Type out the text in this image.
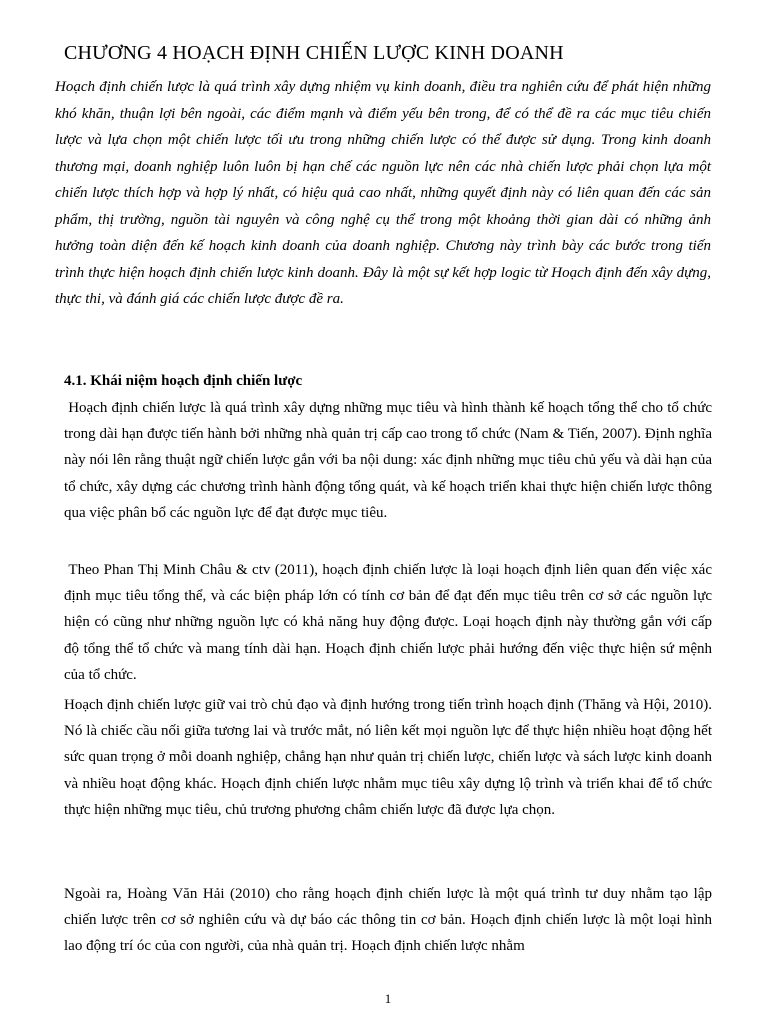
CHƯƠNG 4 HOẠCH ĐỊNH CHIẾN LƯỢC KINH DOANH

Hoạch định chiến lược là quá trình xây dựng nhiệm vụ kinh doanh, điều tra nghiên cứu để phát hiện những khó khăn, thuận lợi bên ngoài, các điểm mạnh và điểm yếu bên trong, để có thể đề ra các mục tiêu chiến lược và lựa chọn một chiến lược tối ưu trong những chiến lược có thể được sử dụng. Trong kinh doanh thương mại, doanh nghiệp luôn luôn bị hạn chế các nguồn lực nên các nhà chiến lược phải chọn lựa một chiến lược thích hợp và hợp lý nhất, có hiệu quả cao nhất, những quyết định này có liên quan đến các sản phẩm, thị trường, nguồn tài nguyên và công nghệ cụ thể trong một khoảng thời gian dài có những ảnh hưởng toàn diện đến kế hoạch kinh doanh của doanh nghiệp. Chương này trình bày các bước trong tiến trình thực hiện hoạch định chiến lược kinh doanh. Đây là một sự kết hợp logic từ Hoạch định đến xây dựng, thực thi, và đánh giá các chiến lược được đề ra.

4.1. Khái niệm hoạch định chiến lược

Hoạch định chiến lược là quá trình xây dựng những mục tiêu và hình thành kế hoạch tổng thể cho tổ chức trong dài hạn được tiến hành bởi những nhà quản trị cấp cao trong tổ chức (Nam & Tiến, 2007). Định nghĩa này nói lên rằng thuật ngữ chiến lược gắn với ba nội dung: xác định những mục tiêu chủ yếu và dài hạn của tổ chức, xây dựng các chương trình hành động tổng quát, và kế hoạch triển khai thực hiện chiến lược thông qua việc phân bổ các nguồn lực để đạt được mục tiêu.

Theo Phan Thị Minh Châu & ctv (2011), hoạch định chiến lược là loại hoạch định liên quan đến việc xác định mục tiêu tổng thể, và các biện pháp lớn có tính cơ bản để đạt đến mục tiêu trên cơ sở các nguồn lực hiện có cũng như những nguồn lực có khả năng huy động được. Loại hoạch định này thường gắn với cấp độ tổng thể tổ chức và mang tính dài hạn. Hoạch định chiến lược phải hướng đến việc thực hiện sứ mệnh của tổ chức.

Hoạch định chiến lược giữ vai trò chủ đạo và định hướng trong tiến trình hoạch định (Thăng và Hội, 2010). Nó là chiếc cầu nối giữa tương lai và trước mắt, nó liên kết mọi nguồn lực để thực hiện nhiều hoạt động hết sức quan trọng ở mỗi doanh nghiệp, chẳng hạn như quản trị chiến lược, chiến lược và sách lược kinh doanh và nhiều hoạt động khác. Hoạch định chiến lược nhằm mục tiêu xây dựng lộ trình và triển khai để tổ chức thực hiện những mục tiêu, chủ trương phương châm chiến lược đã được lựa chọn.

Ngoài ra, Hoàng Văn Hải (2010) cho rằng hoạch định chiến lược là một quá trình tư duy nhằm tạo lập chiến lược trên cơ sở nghiên cứu và dự báo các thông tin cơ bản. Hoạch định chiến lược là một loại hình lao động trí óc của con người, của nhà quản trị. Hoạch định chiến lược nhằm

1
